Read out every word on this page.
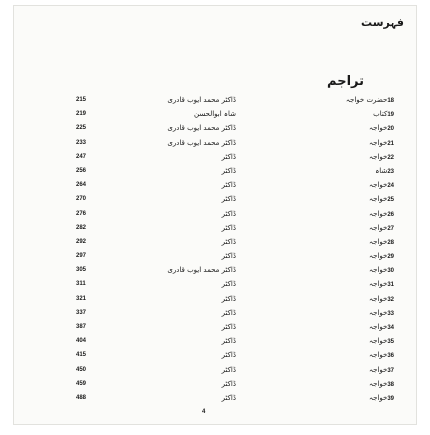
فہرست
تراجم
215	ڈاکٹر محمد ایوب قادری	18حضرت خواجہ
219	شاہ ابوالحسن	19کتاب
225	ڈاکٹر محمد ایوب قادری	20خواجہ
233	ڈاکٹر محمد ایوب قادری	21خواجہ
247	ڈاکٹر	22خواجہ
256	ڈاکٹر	23شاہ
264	ڈاکٹر	24خواجہ
270	ڈاکٹر	25خواجہ
276	ڈاکٹر	26خواجہ
282	ڈاکٹر	27خواجہ
292	ڈاکٹر	28خواجہ
297	ڈاکٹر	29خواجہ
305	ڈاکٹر محمد ایوب قادری	30خواجہ
311	ڈاکٹر	31خواجہ
321	ڈاکٹر	32خواجہ
337	ڈاکٹر	33خواجہ
387	ڈاکٹر	34خواجہ
404	ڈاکٹر	35خواجہ
415	ڈاکٹر	36خواجہ
450	ڈاکٹر	37خواجہ
459	ڈاکٹر	38خواجہ
488	ڈاکٹر	39خواجہ
4
